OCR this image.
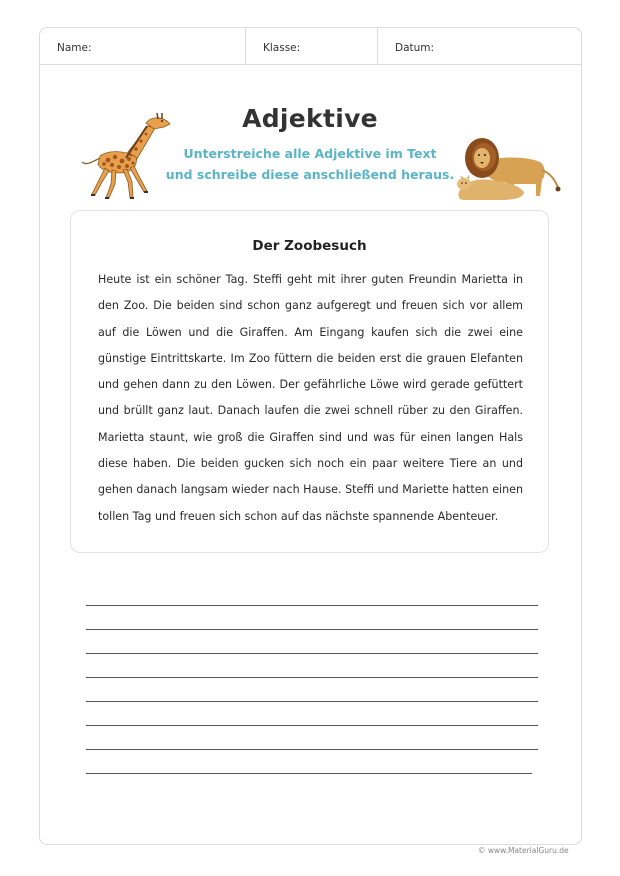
Name:	Klasse:	Datum:
Adjektive
Unterstreiche alle Adjektive im Text
und schreibe diese anschließend heraus.
Der Zoobesuch

Heute ist ein schöner Tag. Steffi geht mit ihrer guten Freundin Marietta in den Zoo. Die beiden sind schon ganz aufgeregt und freuen sich vor allem auf die Löwen und die Giraffen. Am Eingang kaufen sich die zwei eine günstige Eintrittskarte. Im Zoo füttern die beiden erst die grauen Elefanten und gehen dann zu den Löwen. Der gefährliche Löwe wird gerade gefüttert und brüllt ganz laut. Danach laufen die zwei schnell rüber zu den Giraffen. Marietta staunt, wie groß die Giraffen sind und was für einen langen Hals diese haben. Die beiden gucken sich noch ein paar weitere Tiere an und gehen danach langsam wieder nach Hause. Steffi und Mariette hatten einen tollen Tag und freuen sich schon auf das nächste spannende Abenteuer.

© www.MaterialGuru.de
